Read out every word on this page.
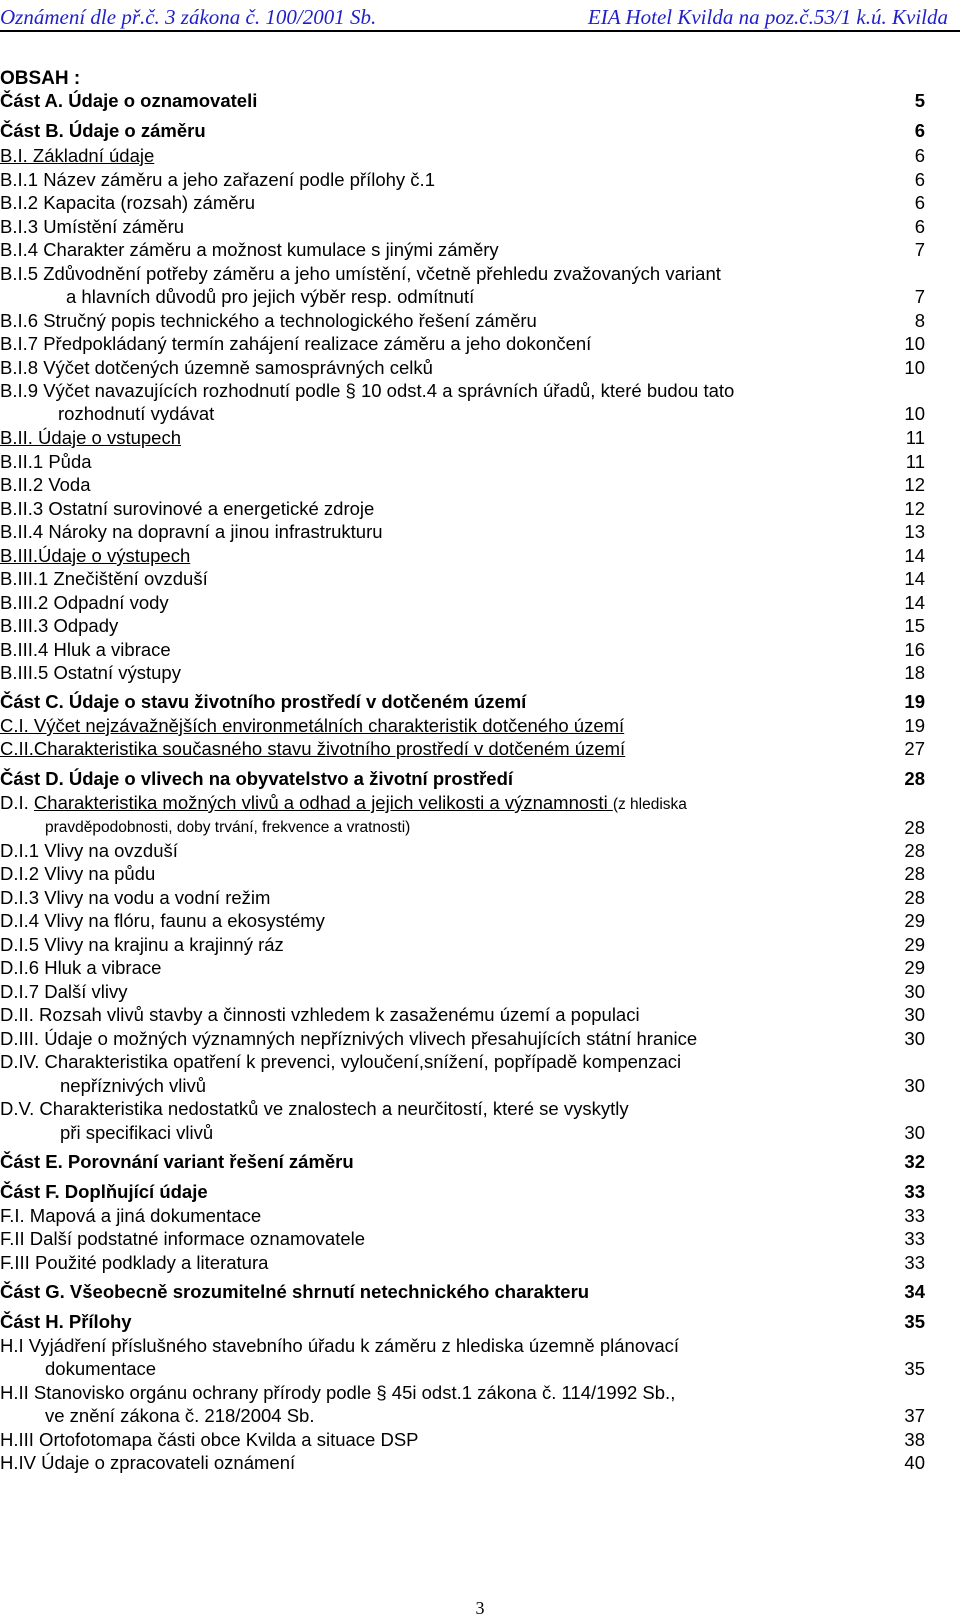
Oznámení dle př.č. 3 zákona č. 100/2001 Sb.	EIA Hotel Kvilda na poz.č.53/1 k.ú. Kvilda
OBSAH :
Část A. Údaje o oznamovateli	5
Část B. Údaje o záměru	6
B.I. Základní údaje	6
B.I.1 Název záměru a jeho zařazení podle přílohy č.1	6
B.I.2 Kapacita (rozsah) záměru	6
B.I.3 Umístění záměru	6
B.I.4 Charakter záměru a možnost kumulace s jinými záměry	7
B.I.5 Zdůvodnění potřeby záměru a jeho umístění, včetně přehledu zvažovaných variant
a hlavních důvodů pro jejich výběr resp. odmítnutí	7
B.I.6 Stručný popis technického a technologického řešení záměru	8
B.I.7 Předpokládaný termín zahájení realizace záměru a jeho dokončení	10
B.I.8 Výčet dotčených územně samosprávných celků	10
B.I.9 Výčet navazujících rozhodnutí podle § 10 odst.4 a správních úřadů, které budou tato
rozhodnutí vydávat	10
B.II. Údaje o vstupech	11
B.II.1 Půda	11
B.II.2 Voda	12
B.II.3 Ostatní surovinové a energetické zdroje	12
B.II.4 Nároky na dopravní a jinou infrastrukturu	13
B.III.Údaje o výstupech	14
B.III.1 Znečištění ovzduší	14
B.III.2 Odpadní vody	14
B.III.3 Odpady	15
B.III.4 Hluk a vibrace	16
B.III.5 Ostatní výstupy	18
Část C. Údaje o stavu životního prostředí v dotčeném území	19
C.I. Výčet nejzávažnějších environmetálních charakteristik dotčeného území	19
C.II.Charakteristika současného stavu životního prostředí v dotčeném území	27
Část D. Údaje o vlivech na obyvatelstvo a životní prostředí	28
D.I. Charakteristika možných vlivů a odhad a jejich velikosti a významnosti (z hlediska
pravděpodobnosti, doby trvání, frekvence a vratnosti)	28
D.I.1 Vlivy na ovzduší	28
D.I.2 Vlivy na půdu	28
D.I.3 Vlivy na vodu a vodní režim	28
D.I.4 Vlivy na flóru, faunu a ekosystémy	29
D.I.5 Vlivy na krajinu a krajinný ráz	29
D.I.6 Hluk a vibrace	29
D.I.7 Další vlivy	30
D.II. Rozsah vlivů stavby a činnosti vzhledem k zasaženému území a populaci	30
D.III. Údaje o možných významných nepříznivých vlivech přesahujících státní hranice	30
D.IV. Charakteristika opatření k prevenci, vyloučení,snížení, popřípadě kompenzaci
nepříznivých vlivů	30
D.V. Charakteristika nedostatků ve znalostech a neurčitostí, které se vyskytly
při specifikaci vlivů	30
Část E. Porovnání variant řešení záměru	32
Část F. Doplňující údaje	33
F.I. Mapová a jiná dokumentace	33
F.II Další podstatné informace oznamovatele	33
F.III Použité podklady a literatura	33
Část G. Všeobecně srozumitelné shrnutí netechnického charakteru	34
Část H. Přílohy	35
H.I Vyjádření příslušného stavebního úřadu k záměru z hlediska územně plánovací
dokumentace	35
H.II Stanovisko orgánu ochrany přírody podle § 45i odst.1 zákona č. 114/1992 Sb.,
ve znění zákona č. 218/2004 Sb.	37
H.III Ortofotomapa části obce Kvilda a situace DSP	38
H.IV Údaje o zpracovateli oznámení	40
3
